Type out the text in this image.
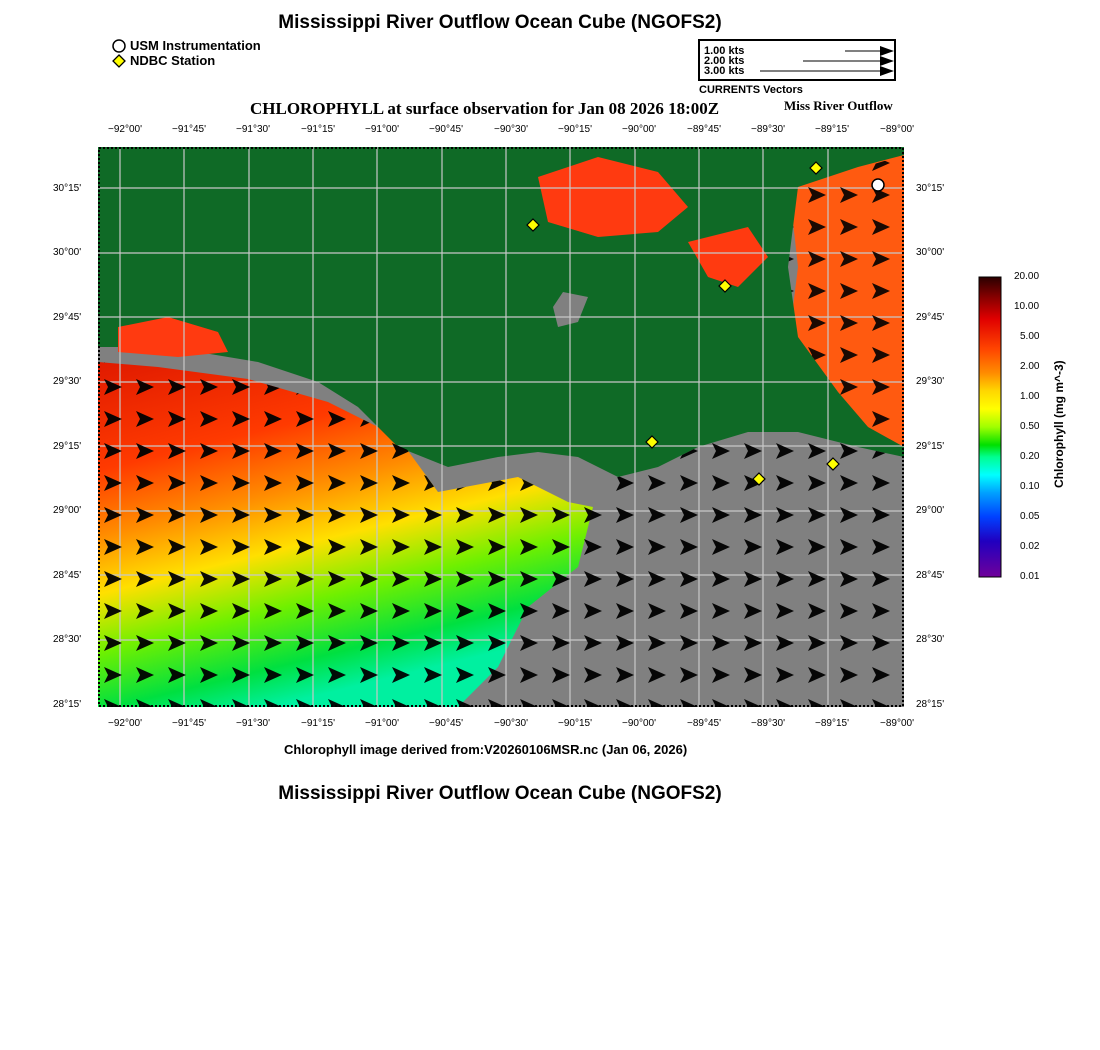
Mississippi River Outflow Ocean Cube (NGOFS2)
USM Instrumentation
NDBC Station
1.00 kts
2.00 kts
3.00 kts
CURRENTS Vectors
CHLOROPHYLL at surface observation for Jan 08 2026 18:00Z	Miss River Outflow
−92°00'	−91°45'	−91°30'	−91°15'	−91°00'	−90°45'	−90°30'	−90°15'	−90°00'	−89°45'	−89°30'	−89°15'	−89°00'
−92°00'	−91°45'	−91°30'	−91°15'	−91°00'	−90°45'	−90°30'	−90°15'	−90°00'	−89°45'	−89°30'	−89°15'	−89°00'
30°15'
30°00'
29°45'
29°30'
29°15'
29°00'
28°45'
28°30'
28°15'
30°15'
30°00'
29°45'
29°30'
29°15'
29°00'
28°45'
28°30'
28°15'
20.00
10.00
5.00
2.00
1.00
0.50
0.20
0.10
0.05
0.02
0.01
Chlorophyll (mg m^-3)
Chlorophyll image derived from:V20260106MSR.nc (Jan 06, 2026)
Mississippi River Outflow Ocean Cube (NGOFS2)
